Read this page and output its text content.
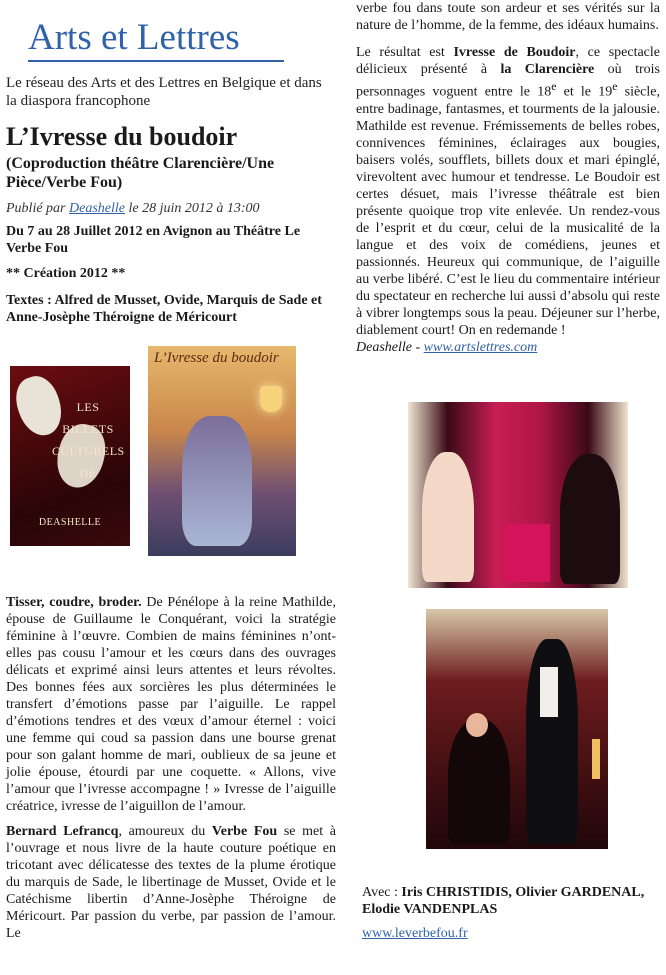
Arts et Lettres

Le réseau des Arts et des Lettres en Belgique et dans la diaspora francophone

L’Ivresse du boudoir
(Coproduction théâtre Clarencière/Une Pièce/Verbe Fou)
Publié par Deashelle le 28 juin 2012 à 13:00
Du 7 au 28 Juillet 2012 en Avignon au Théâtre Le Verbe Fou
** Création 2012 **
Textes : Alfred de Musset, Ovide, Marquis de Sade et Anne-Josèphe Théroigne de Méricourt
LES BILLETS CULTURELS DE
DEASHELLE
L’Ivresse du boudoir

Tisser, coudre, broder. De Pénélope à la reine Mathilde, épouse de Guillaume le Conquérant, voici la stratégie féminine à l’œuvre. Combien de mains féminines n’ont-elles pas cousu l’amour et les cœurs dans des ouvrages délicats et exprimé ainsi leurs attentes et leurs révoltes. Des bonnes fées aux sorcières les plus déterminées le transfert d’émotions passe par l’aiguille. Le rappel d’émotions tendres et des vœux d’amour éternel : voici une femme qui coud sa passion dans une bourse grenat pour son galant homme de mari, oublieux de sa jeune et jolie épouse, étourdi par une coquette. « Allons, vive l’amour que l’ivresse accompagne ! » Ivresse de l’aiguille créatrice, ivresse de l’aiguillon de l’amour.

Bernard Lefrancq, amoureux du Verbe Fou se met à l’ouvrage et nous livre de la haute couture poétique en tricotant avec délicatesse des textes de la plume érotique du marquis de Sade, le libertinage de Musset, Ovide et le Catéchisme libertin d’Anne-Josèphe Théroigne de Méricourt. Par passion du verbe, par passion de l’amour. Le

verbe fou dans toute son ardeur et ses vérités sur la nature de l’homme, de la femme, des idéaux humains.

Le résultat est Ivresse de Boudoir, ce spectacle délicieux présenté à la Clarencière où trois personnages voguent entre le 18e et le 19e siècle, entre badinage, fantasmes, et tourments de la jalousie. Mathilde est revenue. Frémissements de belles robes, connivences féminines, éclairages aux bougies, baisers volés, soufflets, billets doux et mari épinglé, virevoltent avec humour et tendresse. Le Boudoir est certes désuet, mais l’ivresse théâtrale est bien présente quoique trop vite enlevée. Un rendez-vous de l’esprit et du cœur, celui de la musicalité de la langue et des voix de comédiens, jeunes et passionnés. Heureux qui communique, de l’aiguille au verbe libéré. C’est le lieu du commentaire intérieur du spectateur en recherche lui aussi d’absolu qui reste à vibrer longtemps sous la peau. Déjeuner sur l’herbe, diablement court! On en redemande !

Deashelle - www.artslettres.com
Avec : Iris CHRISTIDIS, Olivier GARDENAL, Elodie VANDENPLAS
www.leverbefou.fr
